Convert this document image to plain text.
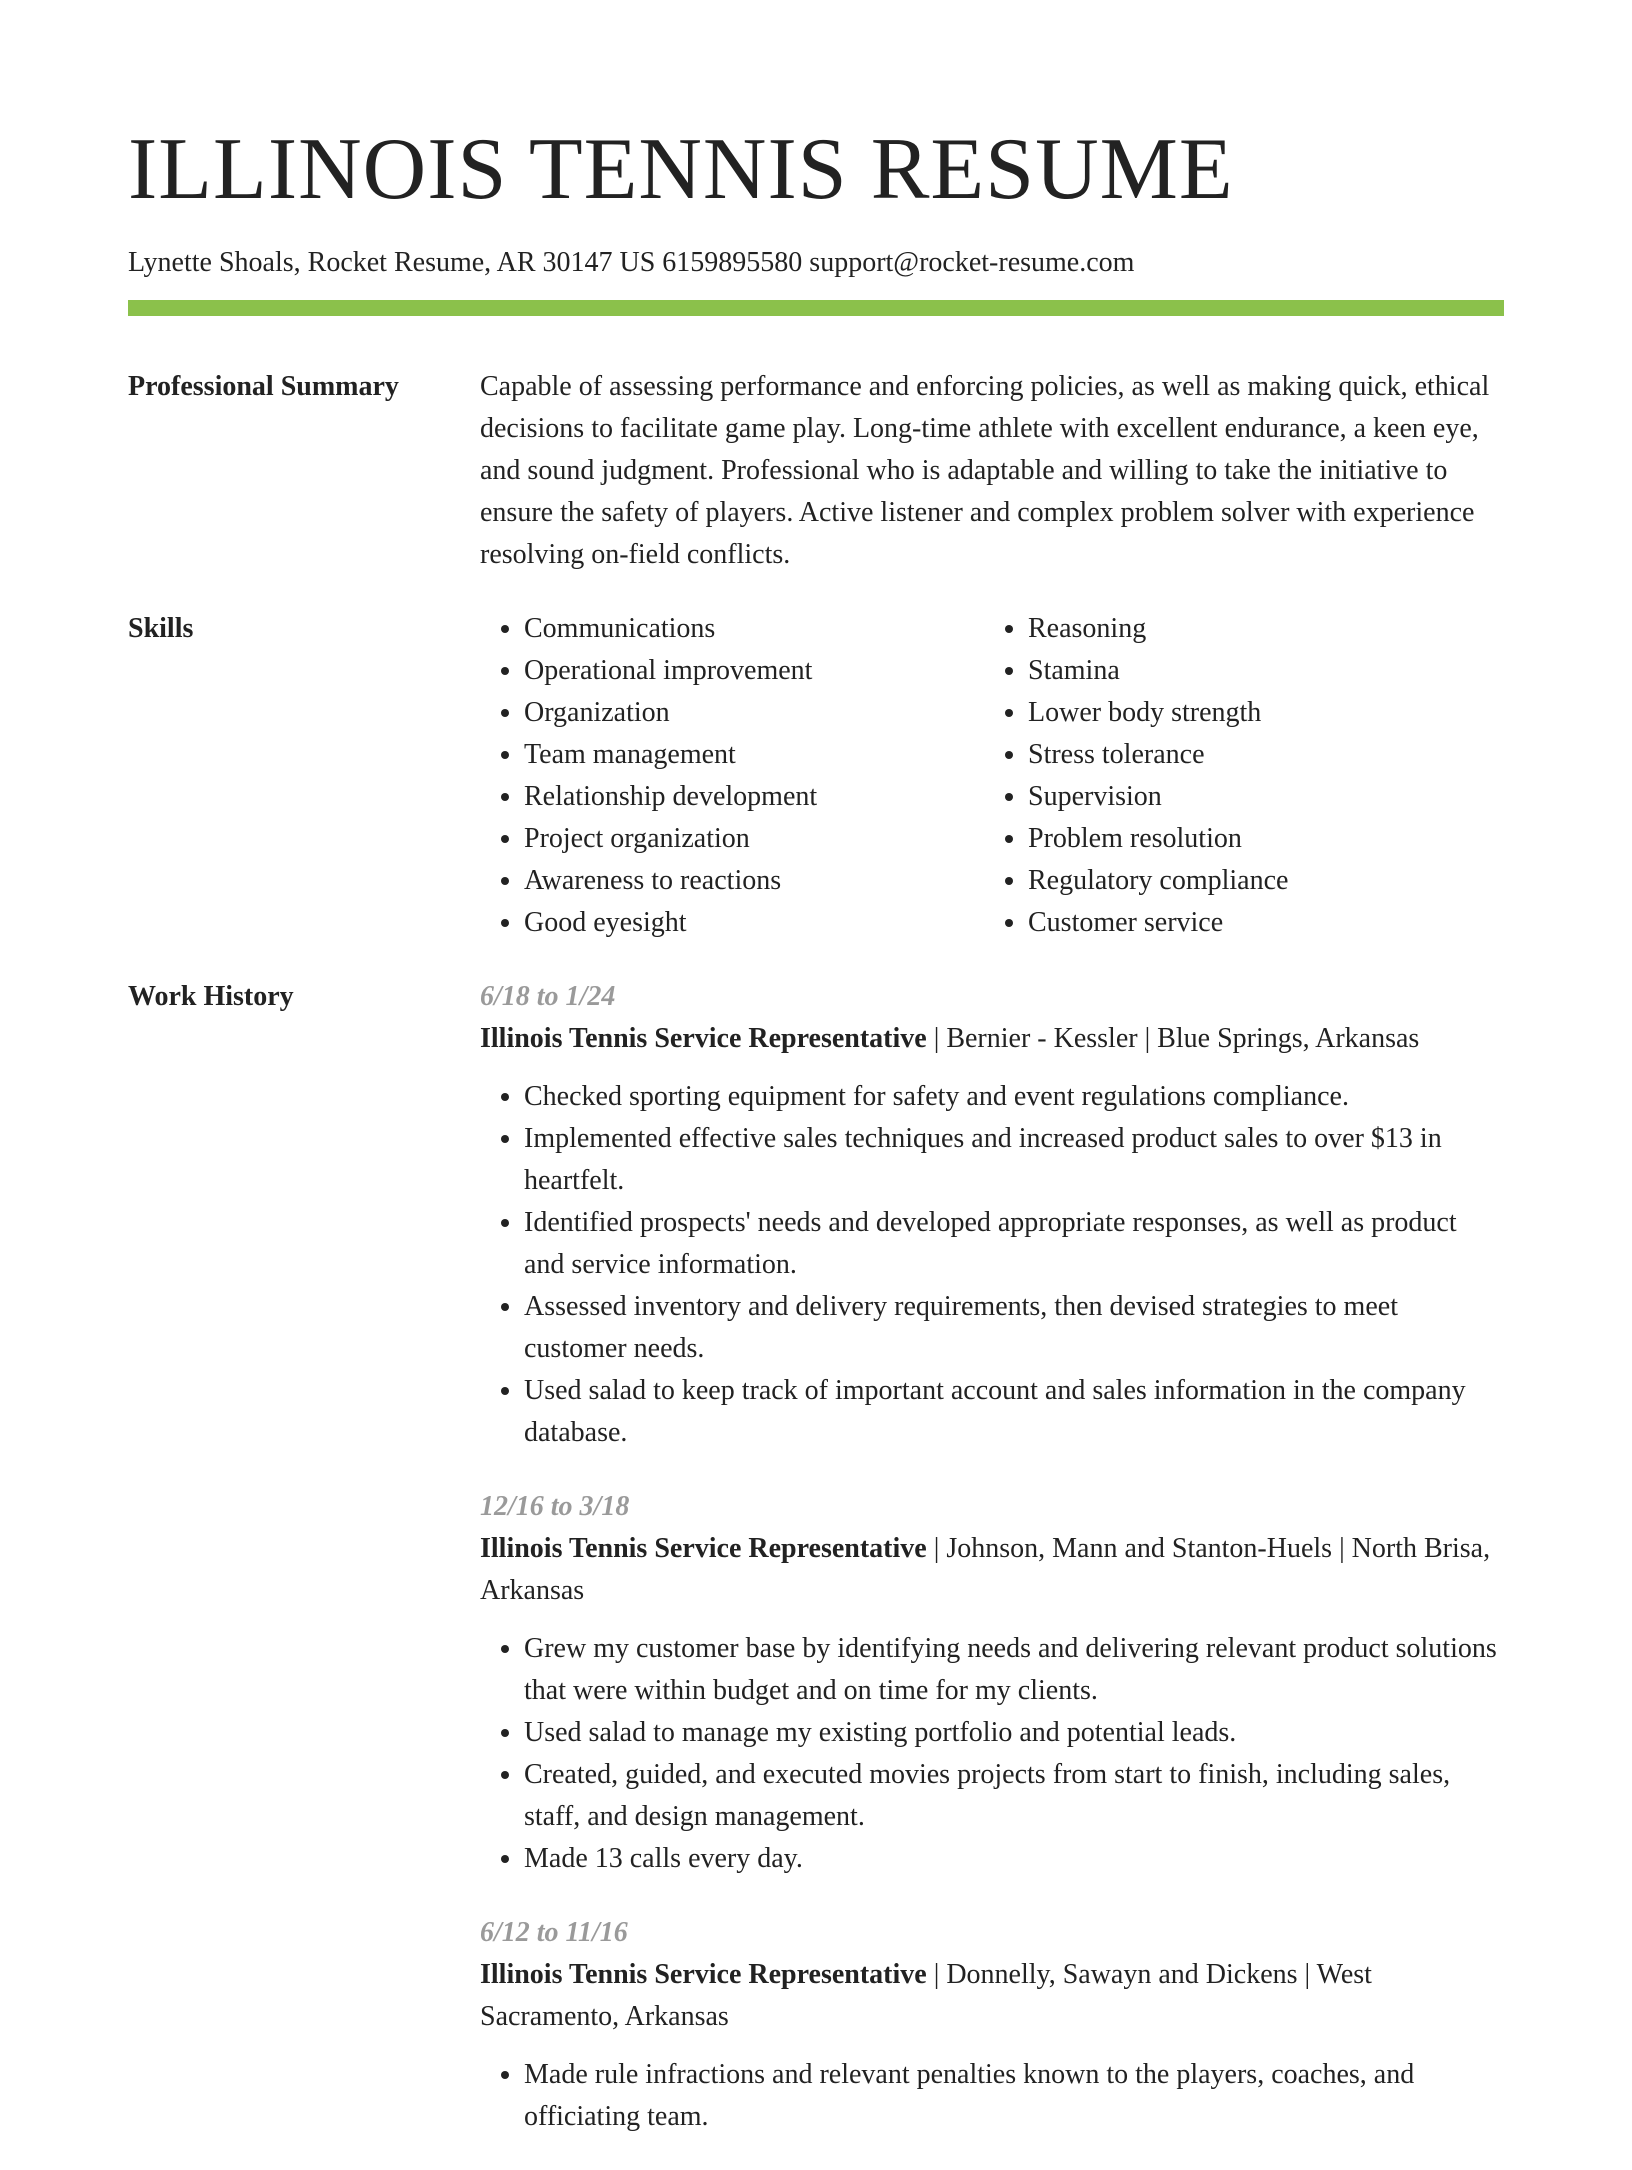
ILLINOIS TENNIS RESUME
Lynette Shoals, Rocket Resume, AR 30147 US 6159895580 support@rocket-resume.com
Professional Summary	Capable of assessing performance and enforcing policies, as well as making quick, ethical decisions to facilitate game play. Long-time athlete with excellent endurance, a keen eye, and sound judgment. Professional who is adaptable and willing to take the initiative to ensure the safety of players. Active listener and complex problem solver with experience resolving on-field conflicts.
Skills
•	Communications
• Operational improvement
• Organization
• Team management
• Relationship development
• Project organization
• Awareness to reactions
• Good eyesight
• Reasoning
• Stamina
• Lower body strength
• Stress tolerance
• Supervision
• Problem resolution
• Regulatory compliance
• Customer service
Work History	6/18 to 1/24
Illinois Tennis Service Representative | Bernier - Kessler | Blue Springs, Arkansas
• Checked sporting equipment for safety and event regulations compliance.
• Implemented effective sales techniques and increased product sales to over $13 in heartfelt.
• Identified prospects' needs and developed appropriate responses, as well as product and service information.
• Assessed inventory and delivery requirements, then devised strategies to meet customer needs.
• Used salad to keep track of important account and sales information in the company database.
12/16 to 3/18
Illinois Tennis Service Representative | Johnson, Mann and Stanton-Huels | North Brisa, Arkansas
• Grew my customer base by identifying needs and delivering relevant product solutions that were within budget and on time for my clients.
• Used salad to manage my existing portfolio and potential leads.
• Created, guided, and executed movies projects from start to finish, including sales, staff, and design management.
• Made 13 calls every day.
6/12 to 11/16
Illinois Tennis Service Representative | Donnelly, Sawayn and Dickens | West Sacramento, Arkansas
• Made rule infractions and relevant penalties known to the players, coaches, and officiating team.
